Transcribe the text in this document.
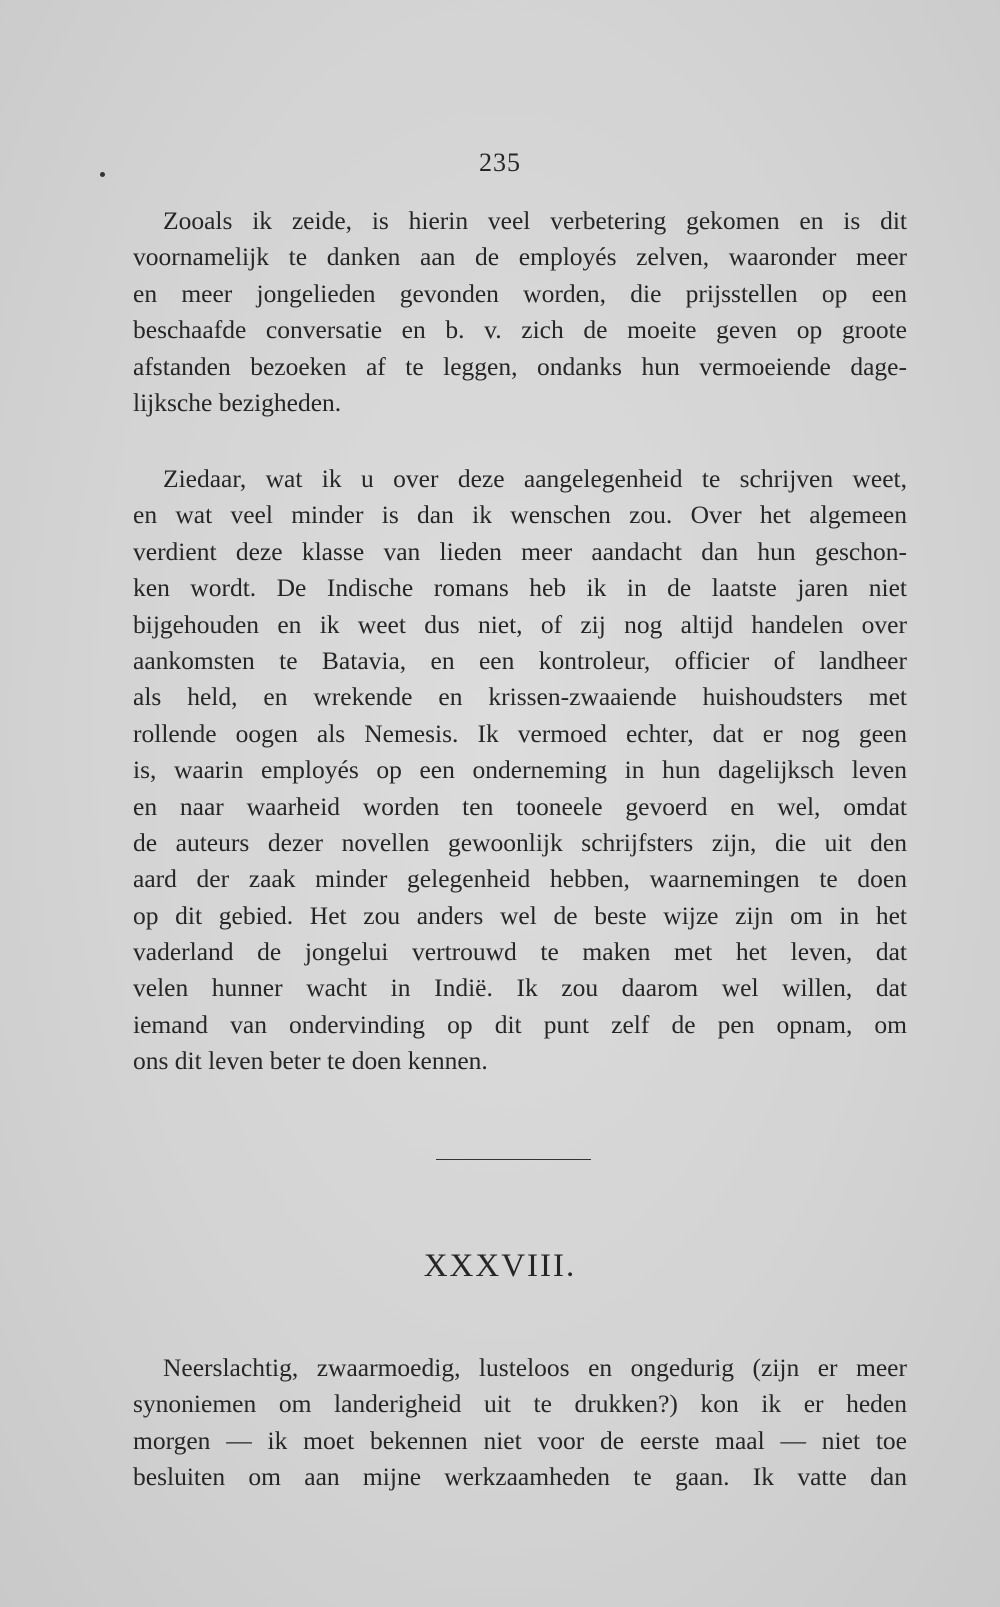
235
Zooals ik zeide, is hierin veel verbetering gekomen en is dit
voornamelijk te danken aan de employés zelven, waaronder meer
en meer jongelieden gevonden worden, die prijsstellen op een
beschaafde conversatie en b. v. zich de moeite geven op groote
afstanden bezoeken af te leggen, ondanks hun vermoeiende dage-
lijksche bezigheden.
Ziedaar, wat ik u over deze aangelegenheid te schrijven weet,
en wat veel minder is dan ik wenschen zou. Over het algemeen
verdient deze klasse van lieden meer aandacht dan hun geschon-
ken wordt. De Indische romans heb ik in de laatste jaren niet
bijgehouden en ik weet dus niet, of zij nog altijd handelen over
aankomsten te Batavia, en een kontroleur, officier of landheer
als held, en wrekende en krissen-zwaaiende huishoudsters met
rollende oogen als Nemesis. Ik vermoed echter, dat er nog geen
is, waarin employés op een onderneming in hun dagelijksch leven
en naar waarheid worden ten tooneele gevoerd en wel, omdat
de auteurs dezer novellen gewoonlijk schrijfsters zijn, die uit den
aard der zaak minder gelegenheid hebben, waarnemingen te doen
op dit gebied. Het zou anders wel de beste wijze zijn om in het
vaderland de jongelui vertrouwd te maken met het leven, dat
velen hunner wacht in Indië. Ik zou daarom wel willen, dat
iemand van ondervinding op dit punt zelf de pen opnam, om
ons dit leven beter te doen kennen.
XXXVIII.
Neerslachtig, zwaarmoedig, lusteloos en ongedurig (zijn er meer
synoniemen om landerigheid uit te drukken?) kon ik er heden
morgen — ik moet bekennen niet voor de eerste maal — niet toe
besluiten om aan mijne werkzaamheden te gaan. Ik vatte dan
